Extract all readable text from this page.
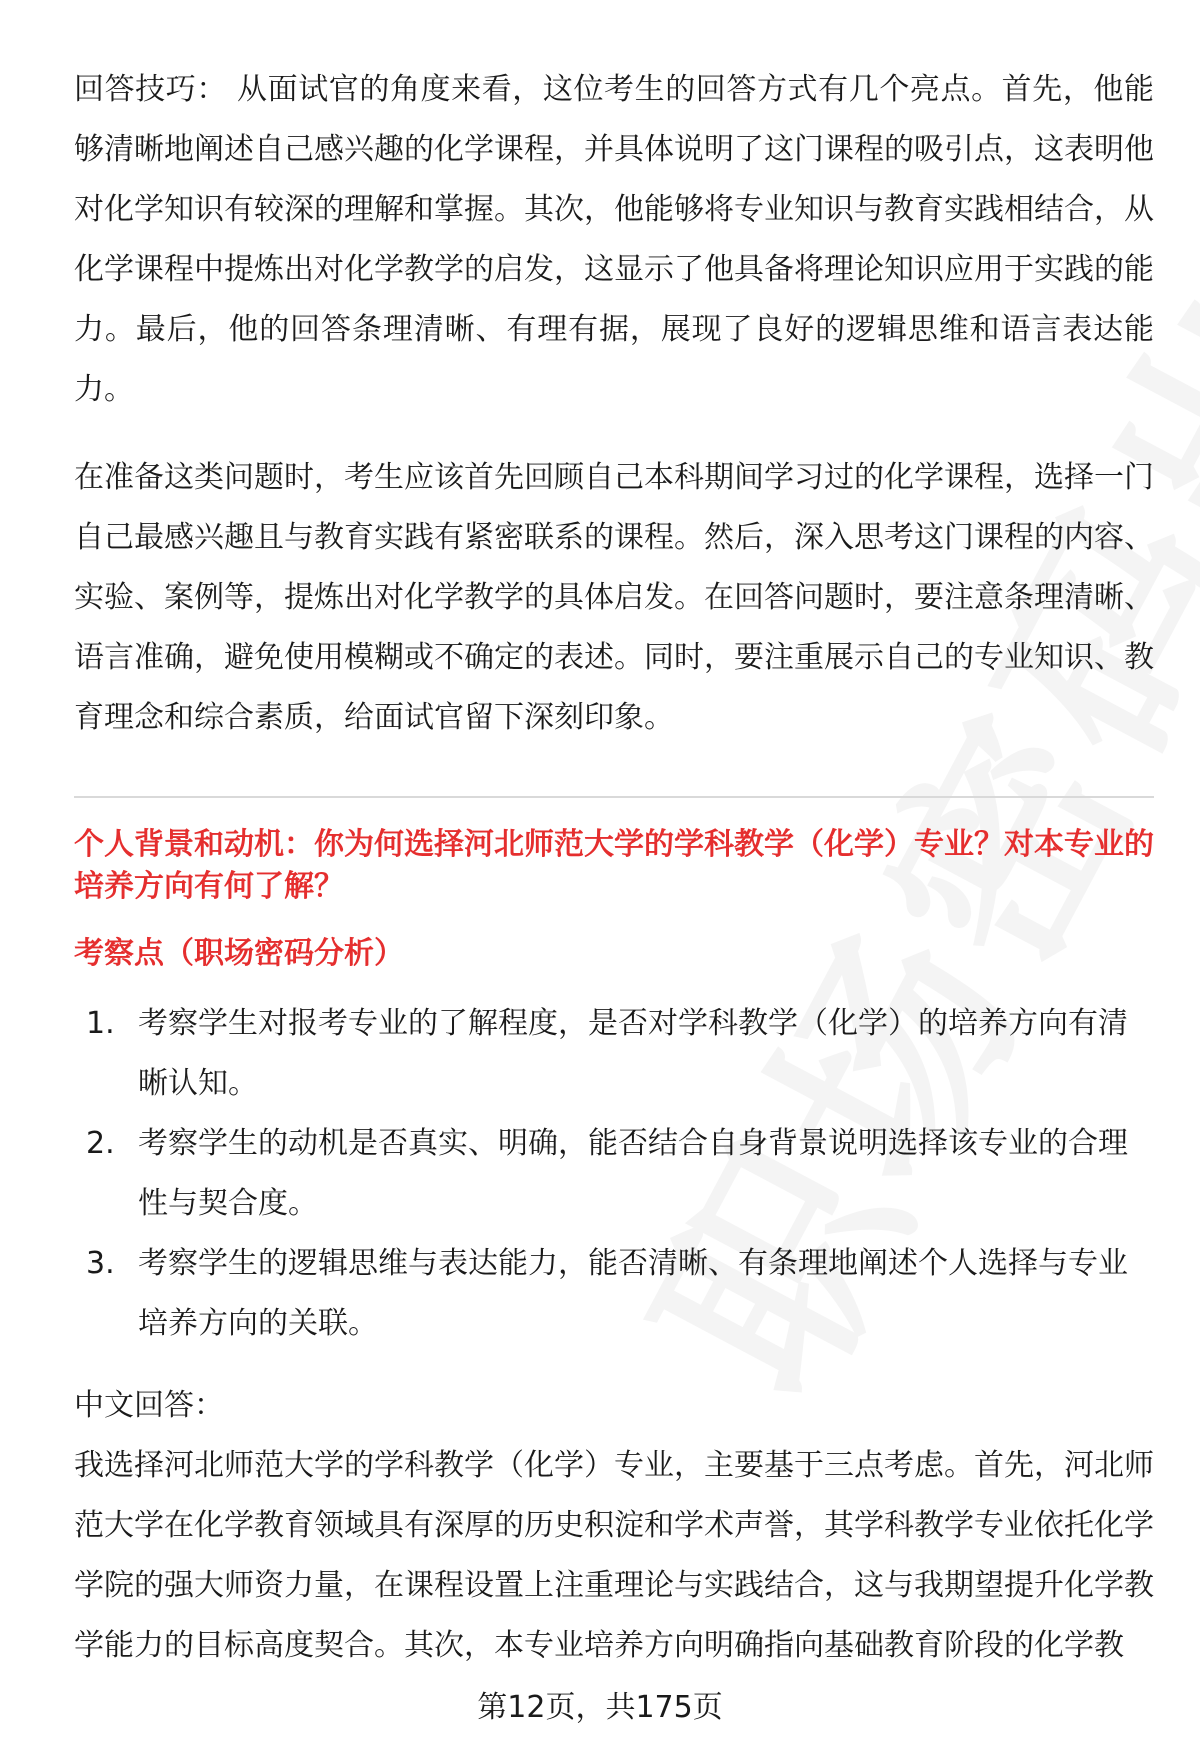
回答技巧： 从面试官的角度来看，这位考生的回答方式有几个亮点。首先，他能够清晰地阐述自己感兴趣的化学课程，并具体说明了这门课程的吸引点，这表明他对化学知识有较深的理解和掌握。其次，他能够将专业知识与教育实践相结合，从化学课程中提炼出对化学教学的启发，这显示了他具备将理论知识应用于实践的能力。最后，他的回答条理清晰、有理有据，展现了良好的逻辑思维和语言表达能力。

在准备这类问题时，考生应该首先回顾自己本科期间学习过的化学课程，选择一门自己最感兴趣且与教育实践有紧密联系的课程。然后，深入思考这门课程的内容、实验、案例等，提炼出对化学教学的具体启发。在回答问题时，要注意条理清晰、语言准确，避免使用模糊或不确定的表述。同时，要注重展示自己的专业知识、教育理念和综合素质，给面试官留下深刻印象。

个人背景和动机：你为何选择河北师范大学的学科教学（化学）专业？对本专业的培养方向有何了解？
考察点（职场密码分析）
1. 考察学生对报考专业的了解程度，是否对学科教学（化学）的培养方向有清晰认知。
2. 考察学生的动机是否真实、明确，能否结合自身背景说明选择该专业的合理性与契合度。
3. 考察学生的逻辑思维与表达能力，能否清晰、有条理地阐述个人选择与专业培养方向的关联。
中文回答：

我选择河北师范大学的学科教学（化学）专业，主要基于三点考虑。首先，河北师范大学在化学教育领域具有深厚的历史积淀和学术声誉，其学科教学专业依托化学学院的强大师资力量，在课程设置上注重理论与实践结合，这与我期望提升化学教学能力的目标高度契合。其次，本专业培养方向明确指向基础教育阶段的化学教

第12页，共175页
